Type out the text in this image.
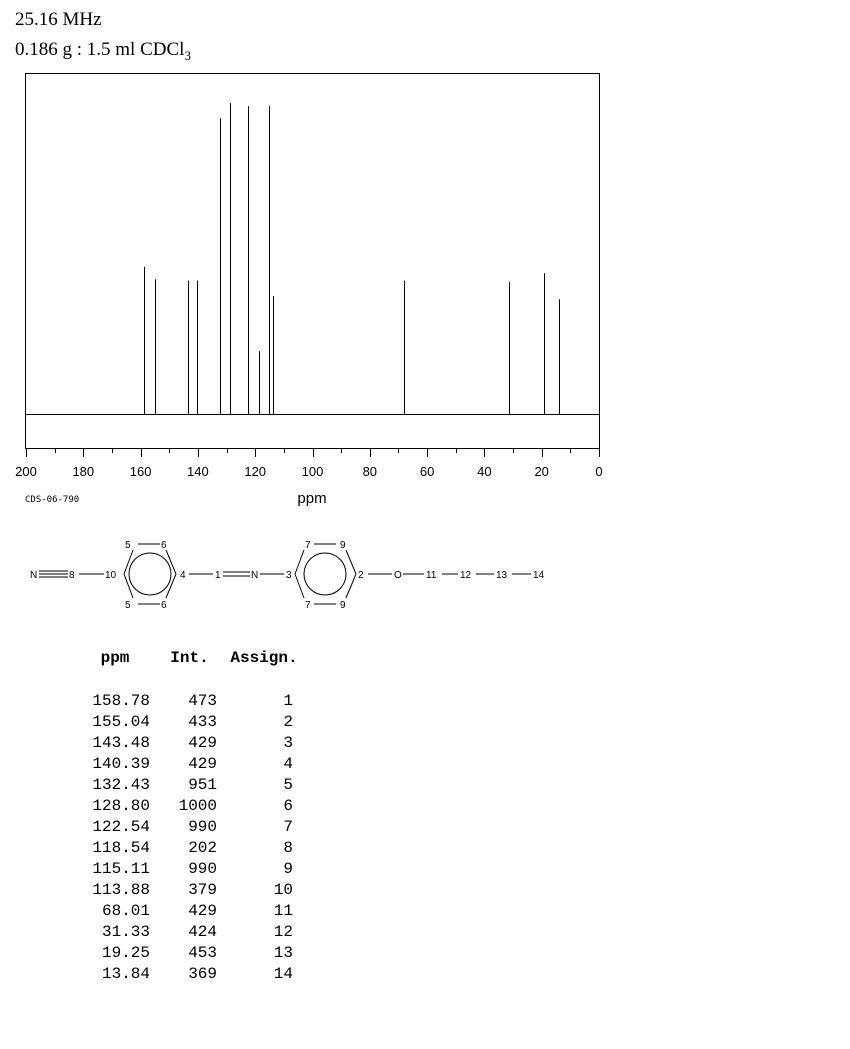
25.16 MHz
0.186 g : 1.5 ml CDCl$_3$
200	180	160	140	120	100	80	60	40	20	0
CDS-06-790	ppm
N	8	10
5	6
5	6
4	1	N	3
7	9
7	9
2	O 11 12 13	14
ppm	Int.	Assign.

158.78	473	1
155.04	433	2
143.48	429	3
140.39	429	4
132.43	951	5
128.80	1000	6
122.54	990	7
118.54	202	8
115.11	990	9
113.88	379	10
68.01	429	11
31.33	424	12
19.25	453	13
13.84	369	14
